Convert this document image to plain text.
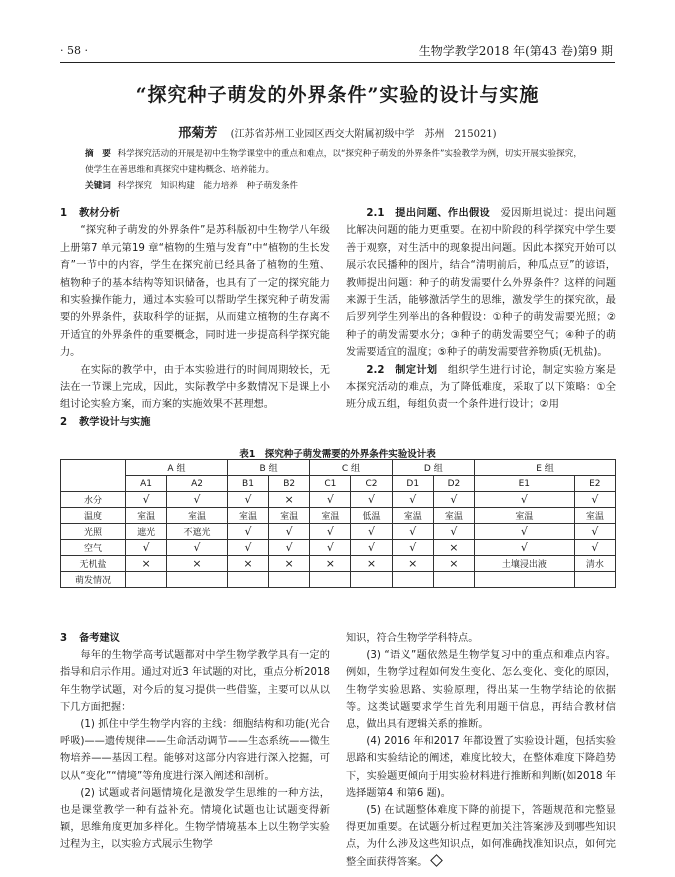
· 58 ·	生物学教学2018 年(第43 卷)第9 期
“探究种子萌发的外界条件”实验的设计与实施
邢菊芳 (江苏省苏州工业园区西交大附属初级中学　苏州　215021)
摘　要 科学探究活动的开展是初中生物学课堂中的重点和难点，以“探究种子萌发的外界条件”实验教学为例，切实开展实验探究，使学生在善思维和真探究中建构概念、培养能力。
关键词 科学探究　知识构建　能力培养　种子萌发条件

1 教材分析

“探究种子萌发的外界条件”是苏科版初中生物学八年级上册第7 单元第19 章“植物的生殖与发育”中“植物的生长发育”一节中的内容，学生在探究前已经具备了植物的生殖、植物种子的基本结构等知识储备，也具有了一定的探究能力和实验操作能力，通过本实验可以帮助学生探究种子萌发需要的外界条件，获取科学的证据，从而建立植物的生存离不开适宜的外界条件的重要概念，同时进一步提高科学探究能力。

在实际的教学中，由于本实验进行的时间周期较长，无法在一节课上完成，因此，实际教学中多数情况下是课上小组讨论实验方案，而方案的实施效果不甚理想。

2 教学设计与实施

2.1　提出问题、作出假设　 爱因斯坦说过：提出问题比解决问题的能力更重要。在初中阶段的科学探究中学生要善于观察，对生活中的现象提出问题。因此本探究开始可以展示农民播种的图片，结合“清明前后，种瓜点豆”的谚语，教师提出问题：种子的萌发需要什么外界条件？这样的问题来源于生活，能够激活学生的思维，激发学生的探究欲，最后罗列学生列举出的各种假设：①种子的萌发需要光照；②种子的萌发需要水分；③种子的萌发需要空气；④种子的萌发需要适宜的温度；⑤种子的萌发需要营养物质(无机盐)。

2.2　制定计划　 组织学生进行讨论，制定实验方案是本探究活动的难点，为了降低难度，采取了以下策略：①全班分成五组，每组负责一个条件进行设计；②用

表1　探究种子萌发需要的外界条件实验设计表
	A 组		B 组		C 组		D 组		E 组	
	A1	A2	B1	B2	C1	C2	D1	D2	E1	E2
水分	√	√	√	×	√	√	√	√	√	√
温度	室温	室温	室温	室温	室温	低温	室温	室温	室温	室温
光照	遮光	不遮光	√	√	√	√	√	√	√	√
空气	√	√	√	√	√	√	√	×	√	√
无机盐	×	×	×	×	×	×	×	×	土壤浸出液	清水
萌发情况										

3 备考建议

每年的生物学高考试题都对中学生物学教学具有一定的指导和启示作用。通过对近3 年试题的对比，重点分析2018 年生物学试题，对今后的复习提供一些借鉴，主要可以从以下几方面把握：

(1) 抓住中学生物学内容的主线：细胞结构和功能(光合呼吸)——遗传规律——生命活动调节——生态系统——微生物培养——基因工程。能够对这部分内容进行深入挖掘，可以从“变化”“情境”等角度进行深入阐述和剖析。

(2) 试题或者问题情境化是激发学生思维的一种方法，也是课堂教学一种有益补充。情境化试题也让试题变得新颖，思维角度更加多样化。生物学情境基本上以生物学实验过程为主，以实验方式展示生物学

知识，符合生物学学科特点。

(3) “语义”题依然是生物学复习中的重点和难点内容。例如，生物学过程如何发生变化、怎么变化、变化的原因，生物学实验思路、实验原理，得出某一生物学结论的依据等。这类试题要求学生首先利用题干信息，再结合教材信息，做出具有逻辑关系的推断。

(4) 2016 年和2017 年都设置了实验设计题，包括实验思路和实验结论的阐述，难度比较大，在整体难度下降趋势下，实验题更倾向于用实验材料进行推断和判断(如2018 年选择题第4 和第6 题)。

(5) 在试题整体难度下降的前提下，答题规范和完整显得更加重要。在试题分析过程更加关注答案涉及到哪些知识点，为什么涉及这些知识点，如何准确找准知识点，如何完整全面获得答案。
